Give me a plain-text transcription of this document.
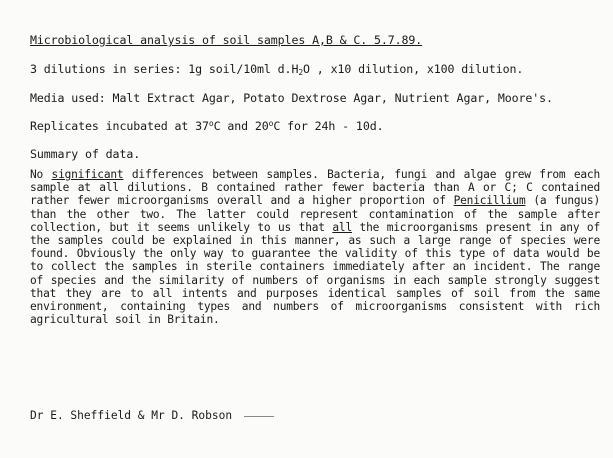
Microbiological analysis of soil samples A,B & C. 5.7.89.
3 dilutions in series: 1g soil/10ml $d.H_2O$ , x10 dilution, x100 dilution.
Media used: Malt Extract Agar, Potato Dextrose Agar, Nutrient Agar, Moore's.
Replicates incubated at 37$^o$C and 20$^o$C for 24h - 10d.
Summary of data.
No significant differences between samples. Bacteria, fungi and algae grew from each sample at all dilutions. B contained rather fewer bacteria than A or C; C contained rather fewer microorganisms overall and a higher proportion of Penicillium (a fungus) than the other two. The latter could represent contamination of the sample after collection, but it seems unlikely to us that all the microorganisms present in any of the samples could be explained in this manner, as such a large range of species were found. Obviously the only way to guarantee the validity of this type of data would be to collect the samples in sterile containers immediately after an incident. The range of species and the similarity of numbers of organisms in each sample strongly suggest that they are to all intents and purposes identical samples of soil from the same environment, containing types and numbers of microorganisms consistent with rich agricultural soil in Britain.
Dr E. Sheffield & Mr D. Robson
